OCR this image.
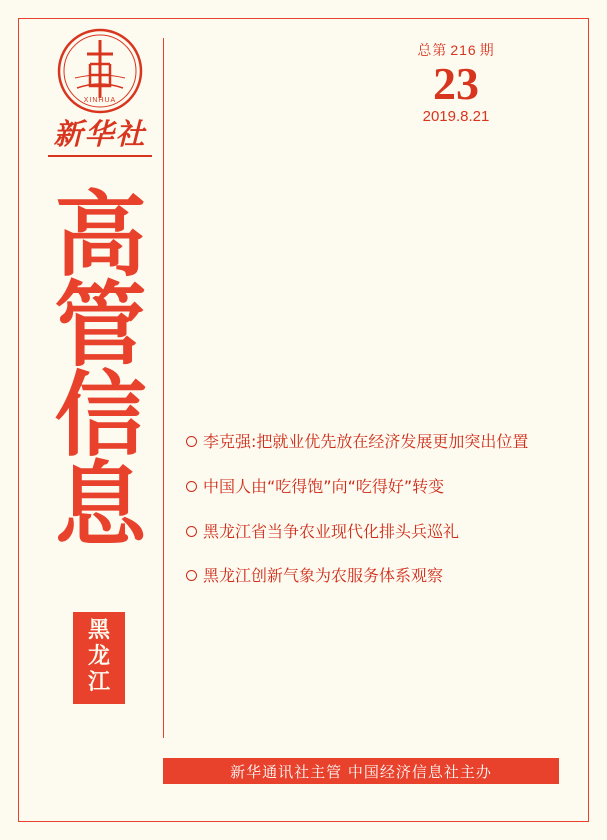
XINHUA
新华社
总第 216 期
23
2019.8.21
高
管
信
息
黑
龙
江
李克强:把就业优先放在经济发展更加突出位置
中国人由“吃得饱”向“吃得好”转变
黑龙江省当争农业现代化排头兵巡礼
黑龙江创新气象为农服务体系观察
新华通讯社主管 中国经济信息社主办
